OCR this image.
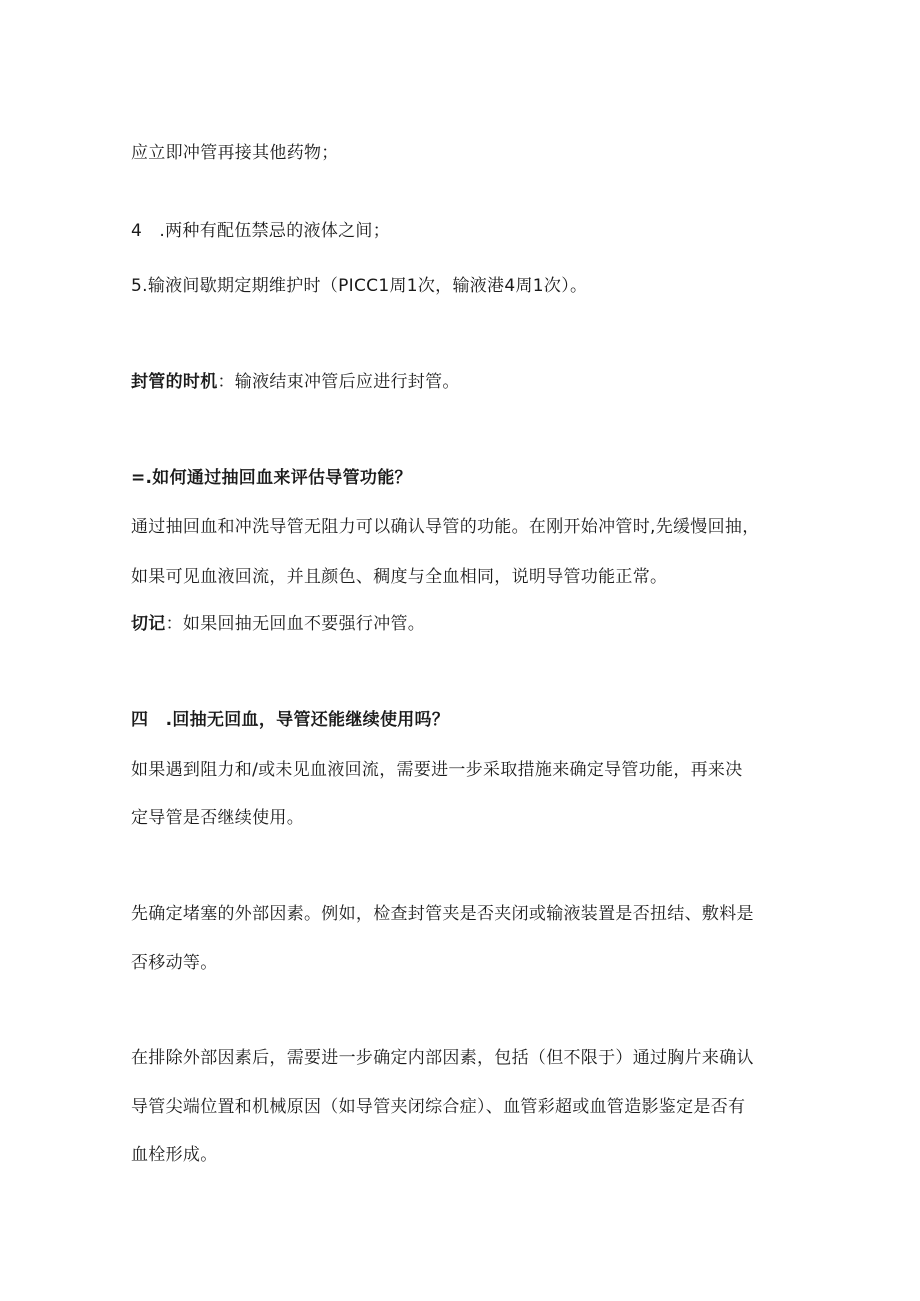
应立即冲管再接其他药物；
4　.两种有配伍禁忌的液体之间；
5.输液间歇期定期维护时（PICC1周1次，输液港4周1次）。
封管的时机：输液结束冲管后应进行封管。
=.如何通过抽回血来评估导管功能？
通过抽回血和冲洗导管无阻力可以确认导管的功能。在刚开始冲管时,先缓慢回抽，
如果可见血液回流，并且颜色、稠度与全血相同，说明导管功能正常。
切记：如果回抽无回血不要强行冲管。
四　.回抽无回血，导管还能继续使用吗？
如果遇到阻力和/或未见血液回流，需要进一步采取措施来确定导管功能，再来决
定导管是否继续使用。
先确定堵塞的外部因素。例如，检查封管夹是否夹闭或输液装置是否扭结、敷料是
否移动等。
在排除外部因素后，需要进一步确定内部因素，包括（但不限于）通过胸片来确认
导管尖端位置和机械原因（如导管夹闭综合症）、血管彩超或血管造影鉴定是否有
血栓形成。
